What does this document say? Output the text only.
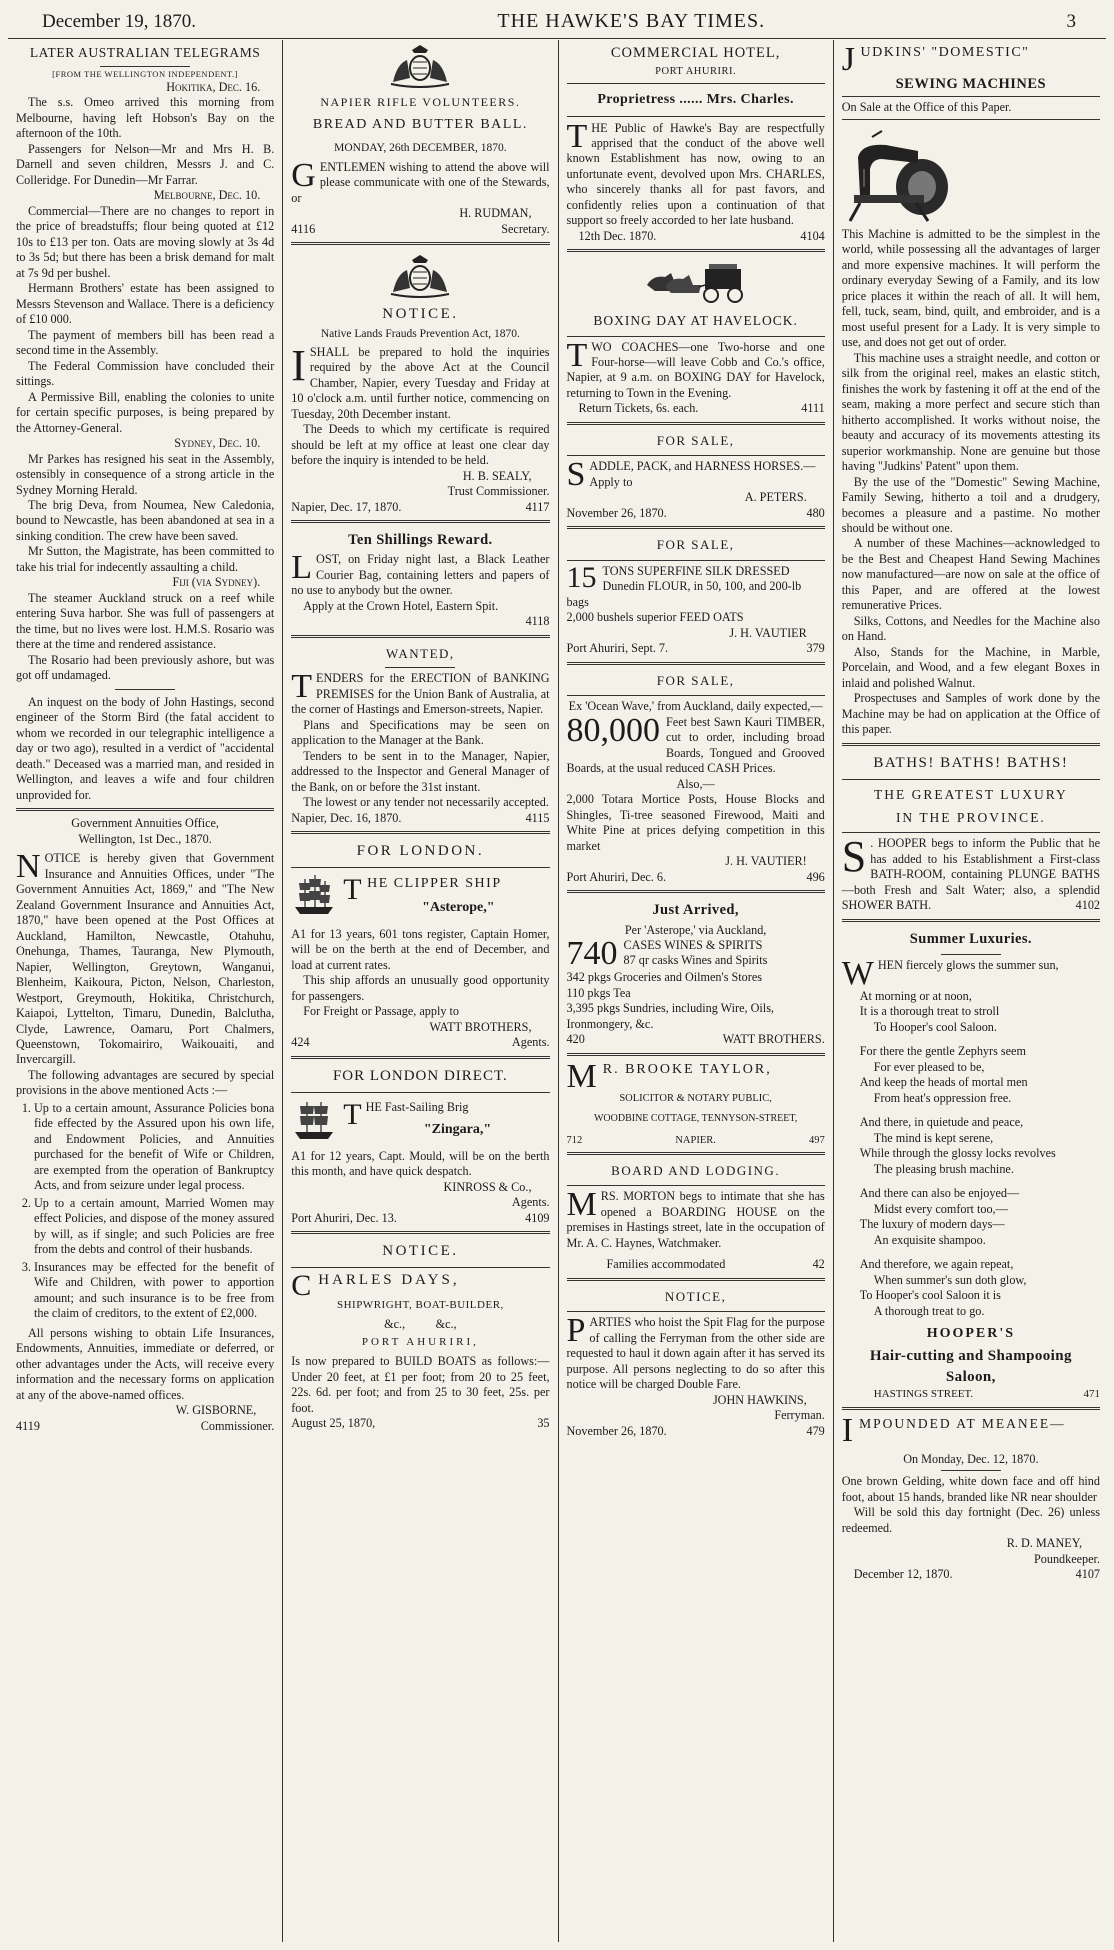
December 19, 1870.	THE HAWKE'S BAY TIMES.	3
LATER AUSTRALIAN TELEGRAMS
[FROM THE WELLINGTON INDEPENDENT.]

Hokitika, Dec. 16.

The s.s. Omeo arrived this morning from Melbourne, having left Hobson's Bay on the afternoon of the 10th.

Passengers for Nelson—Mr and Mrs H. B. Darnell and seven children, Messrs J. and C. Colleridge. For Dunedin—Mr Farrar.

Melbourne, Dec. 10.

Commercial—There are no changes to report in the price of breadstuffs; flour being quoted at £12 10s to £13 per ton. Oats are moving slowly at 3s 4d to 3s 5d; but there has been a brisk demand for malt at 7s 9d per bushel.

Hermann Brothers' estate has been assigned to Messrs Stevenson and Wallace. There is a deficiency of £10 000.

The payment of members bill has been read a second time in the Assembly.

The Federal Commission have concluded their sittings.

A Permissive Bill, enabling the colonies to unite for certain specific purposes, is being prepared by the Attorney-General.

Sydney, Dec. 10.

Mr Parkes has resigned his seat in the Assembly, ostensibly in consequence of a strong article in the Sydney Morning Herald.

The brig Deva, from Noumea, New Caledonia, bound to Newcastle, has been abandoned at sea in a sinking condition. The crew have been saved.

Mr Sutton, the Magistrate, has been committed to take his trial for indecently assaulting a child.

Fiji (via Sydney).

The steamer Auckland struck on a reef while entering Suva harbor. She was full of passengers at the time, but no lives were lost. H.M.S. Rosario was there at the time and rendered assistance.

The Rosario had been previously ashore, but was got off undamaged.

An inquest on the body of John Hastings, second engineer of the Storm Bird (the fatal accident to whom we recorded in our telegraphic intelligence a day or two ago), resulted in a verdict of "accidental death." Deceased was a married man, and resided in Wellington, and leaves a wife and four children unprovided for.

Government Annuities Office,

Wellington, 1st Dec., 1870.

NOTICE is hereby given that Government Insurance and Annuities Offices, under "The Government Annuities Act, 1869," and "The New Zealand Government Insurance and Annuities Act, 1870," have been opened at the Post Offices at Auckland, Hamilton, Newcastle, Otahuhu, Onehunga, Thames, Tauranga, New Plymouth, Napier, Wellington, Greytown, Wanganui, Blenheim, Kaikoura, Picton, Nelson, Charleston, Westport, Greymouth, Hokitika, Christchurch, Kaiapoi, Lyttelton, Timaru, Dunedin, Balclutha, Clyde, Lawrence, Oamaru, Port Chalmers, Queenstown, Tokomairiro, Waikouaiti, and Invercargill.

The following advantages are secured by special provisions in the above mentioned Acts :—

1. Up to a certain amount, Assurance Policies bona fide effected by the Assured upon his own life, and Endowment Policies, and Annuities purchased for the benefit of Wife or Children, are exempted from the operation of Bankruptcy Acts, and from seizure under legal process.
2. Up to a certain amount, Married Women may effect Policies, and dispose of the money assured by will, as if single; and such Policies are free from the debts and control of their husbands.
3. Insurances may be effected for the benefit of Wife and Children, with power to apportion amount; and such insurance is to be free from the claim of creditors, to the extent of £2,000.

All persons wishing to obtain Life Insurances, Endowments, Annuities, immediate or deferred, or other advantages under the Acts, will receive every information and the necessary forms on application at any of the above-named offices.

W. GISBORNE,

4119	Commissioner.
NAPIER RIFLE VOLUNTEERS.
BREAD AND BUTTER BALL.
MONDAY, 26th DECEMBER, 1870.

GENTLEMEN wishing to attend the above will please communicate with one of the Stewards, or

H. RUDMAN,

4116	Secretary.
NOTICE.
Native Lands Frauds Prevention Act, 1870.

ISHALL be prepared to hold the inquiries required by the above Act at the Council Chamber, Napier, every Tuesday and Friday at 10 o'clock a.m. until further notice, commencing on Tuesday, 20th December instant.

The Deeds to which my certificate is required should be left at my office at least one clear day before the inquiry is intended to be held.

H. B. SEALY,

Trust Commissioner.

Napier, Dec. 17, 1870.	4117
Ten Shillings Reward.

LOST, on Friday night last, a Black Leather Courier Bag, containing letters and papers of no use to anybody but the owner.

Apply at the Crown Hotel, Eastern Spit.

4118

WANTED,

TENDERS for the ERECTION of BANKING PREMISES for the Union Bank of Australia, at the corner of Hastings and Emerson-streets, Napier.

Plans and Specifications may be seen on application to the Manager at the Bank.

Tenders to be sent in to the Manager, Napier, addressed to the Inspector and General Manager of the Bank, on or before the 31st instant.

The lowest or any tender not necessarily accepted.

Napier, Dec. 16, 1870.	4115
FOR LONDON.

THE CLIPPER SHIP

"Asterope,"

A1 for 13 years, 601 tons register, Captain Homer, will be on the berth at the end of December, and load at current rates.

This ship affords an unusually good opportunity for passengers.

For Freight or Passage, apply to

WATT BROTHERS,

424	Agents.
FOR LONDON DIRECT.

THE Fast-Sailing Brig

"Zingara,"

A1 for 12 years, Capt. Mould, will be on the berth this month, and have quick despatch.

KINROSS & Co.,

Agents.

Port Ahuriri, Dec. 13.	4109
NOTICE.

CHARLES DAYS,

SHIPWRIGHT, BOAT-BUILDER,

&c.,          &c.,

PORT AHURIRI,

Is now prepared to BUILD BOATS as follows:—Under 20 feet, at £1 per foot; from 20 to 25 feet, 22s. 6d. per foot; and from 25 to 30 feet, 25s. per foot.

August 25, 1870,	35
COMMERCIAL HOTEL,
PORT AHURIRI.
Proprietress ...... Mrs. Charles.

THE Public of Hawke's Bay are respectfully apprised that the conduct of the above well known Establishment has now, owing to an unfortunate event, devolved upon Mrs. CHARLES, who sincerely thanks all for past favors, and confidently relies upon a continuation of that support so freely accorded to her late husband.

12th Dec. 1870.	4104
BOXING DAY AT HAVELOCK.

TWO COACHES—one Two-horse and one Four-horse—will leave Cobb and Co.'s office, Napier, at 9 a.m. on BOXING DAY for Havelock, returning to Town in the Evening.

Return Tickets, 6s. each.	4111
FOR SALE,

SADDLE, PACK, and HARNESS HORSES.—Apply to

A. PETERS.

November 26, 1870.	480
FOR SALE,

15 TONS SUPERFINE SILK DRESSED Dunedin FLOUR, in 50, 100, and 200-lb bags

2,000 bushels superior FEED OATS

J. H. VAUTIER

Port Ahuriri, Sept. 7.	379
FOR SALE,

Ex 'Ocean Wave,' from Auckland, daily expected,—

80,000 Feet best Sawn Kauri TIMBER, cut to order, including broad Boards, Tongued and Grooved Boards, at the usual reduced CASH Prices.

Also,—

2,000 Totara Mortice Posts, House Blocks and Shingles, Ti-tree seasoned Firewood, Maiti and White Pine at prices defying competition in this market

J. H. VAUTIER!

Port Ahuriri, Dec. 6.	496
Just Arrived,

Per 'Asterope,' via Auckland,

740 CASES WINES & SPIRITS

87 qr casks Wines and Spirits

342 pkgs Groceries and Oilmen's Stores

110 pkgs Tea

3,395 pkgs Sundries, including Wire, Oils, Ironmongery, &c.

420	WATT BROTHERS.

M R. BROOKE TAYLOR,

SOLICITOR & NOTARY PUBLIC,

WOODBINE COTTAGE, TENNYSON-STREET,

712	NAPIER.	497
BOARD AND LODGING.

MRS. MORTON begs to intimate that she has opened a BOARDING HOUSE on the premises in Hastings street, late in the occupation of Mr. A. C. Haynes, Watchmaker.

Families accommodated	42
NOTICE,

PARTIES who hoist the Spit Flag for the purpose of calling the Ferryman from the other side are requested to haul it down again after it has served its purpose. All persons neglecting to do so after this notice will be charged Double Fare.

JOHN HAWKINS,

Ferryman.

November 26, 1870.	479

JUDKINS' "DOMESTIC"

SEWING MACHINES

On Sale at the Office of this Paper.

This Machine is admitted to be the simplest in the world, while possessing all the advantages of larger and more expensive machines. It will perform the ordinary everyday Sewing of a Family, and its low price places it within the reach of all. It will hem, fell, tuck, seam, bind, quilt, and embroider, and is a most useful present for a Lady. It is very simple to use, and does not get out of order.

This machine uses a straight needle, and cotton or silk from the original reel, makes an elastic stitch, finishes the work by fastening it off at the end of the seam, making a more perfect and secure stich than hitherto accomplished. It works without noise, the beauty and accuracy of its movements attesting its superior workmanship. None are genuine but those having "Judkins' Patent" upon them.

By the use of the "Domestic" Sewing Machine, Family Sewing, hitherto a toil and a drudgery, becomes a pleasure and a pastime. No mother should be without one.

A number of these Machines—acknowledged to be the Best and Cheapest Hand Sewing Machines now manufactured—are now on sale at the office of this Paper, and are offered at the lowest remunerative Prices.

Silks, Cottons, and Needles for the Machine also on Hand.

Also, Stands for the Machine, in Marble, Porcelain, and Wood, and a few elegant Boxes in inlaid and polished Walnut.

Prospectuses and Samples of work done by the Machine may be had on application at the Office of this paper.

BATHS! BATHS! BATHS!
THE GREATEST LUXURY
IN THE PROVINCE.

S . HOOPER begs to inform the Public that he has added to his Establishment a First-class BATH-ROOM, containing PLUNGE BATHS—both Fresh and Salt Water; also, a splendid SHOWER BATH.	4102

Summer Luxuries.

WHEN fiercely glows the summer sun,

At morning or at noon,

It is a thorough treat to stroll

To Hooper's cool Saloon.

For there the gentle Zephyrs seem

For ever pleased to be,

And keep the heads of mortal men

From heat's oppression free.

And there, in quietude and peace,

The mind is kept serene,

While through the glossy locks revolves

The pleasing brush machine.

And there can also be enjoyed—

Midst every comfort too,—

The luxury of modern days—

An exquisite shampoo.

And therefore, we again repeat,

When summer's sun doth glow,

To Hooper's cool Saloon it is

A thorough treat to go.

HOOPER'S
Hair-cutting and Shampooing
Saloon,
HASTINGS STREET.	471

IMPOUNDED AT MEANEE—

On Monday, Dec. 12, 1870.

One brown Gelding, white down face and off hind foot, about 15 hands, branded like NR near shoulder

Will be sold this day fortnight (Dec. 26) unless redeemed.

R. D. MANEY,

Poundkeeper.

December 12, 1870.	4107
